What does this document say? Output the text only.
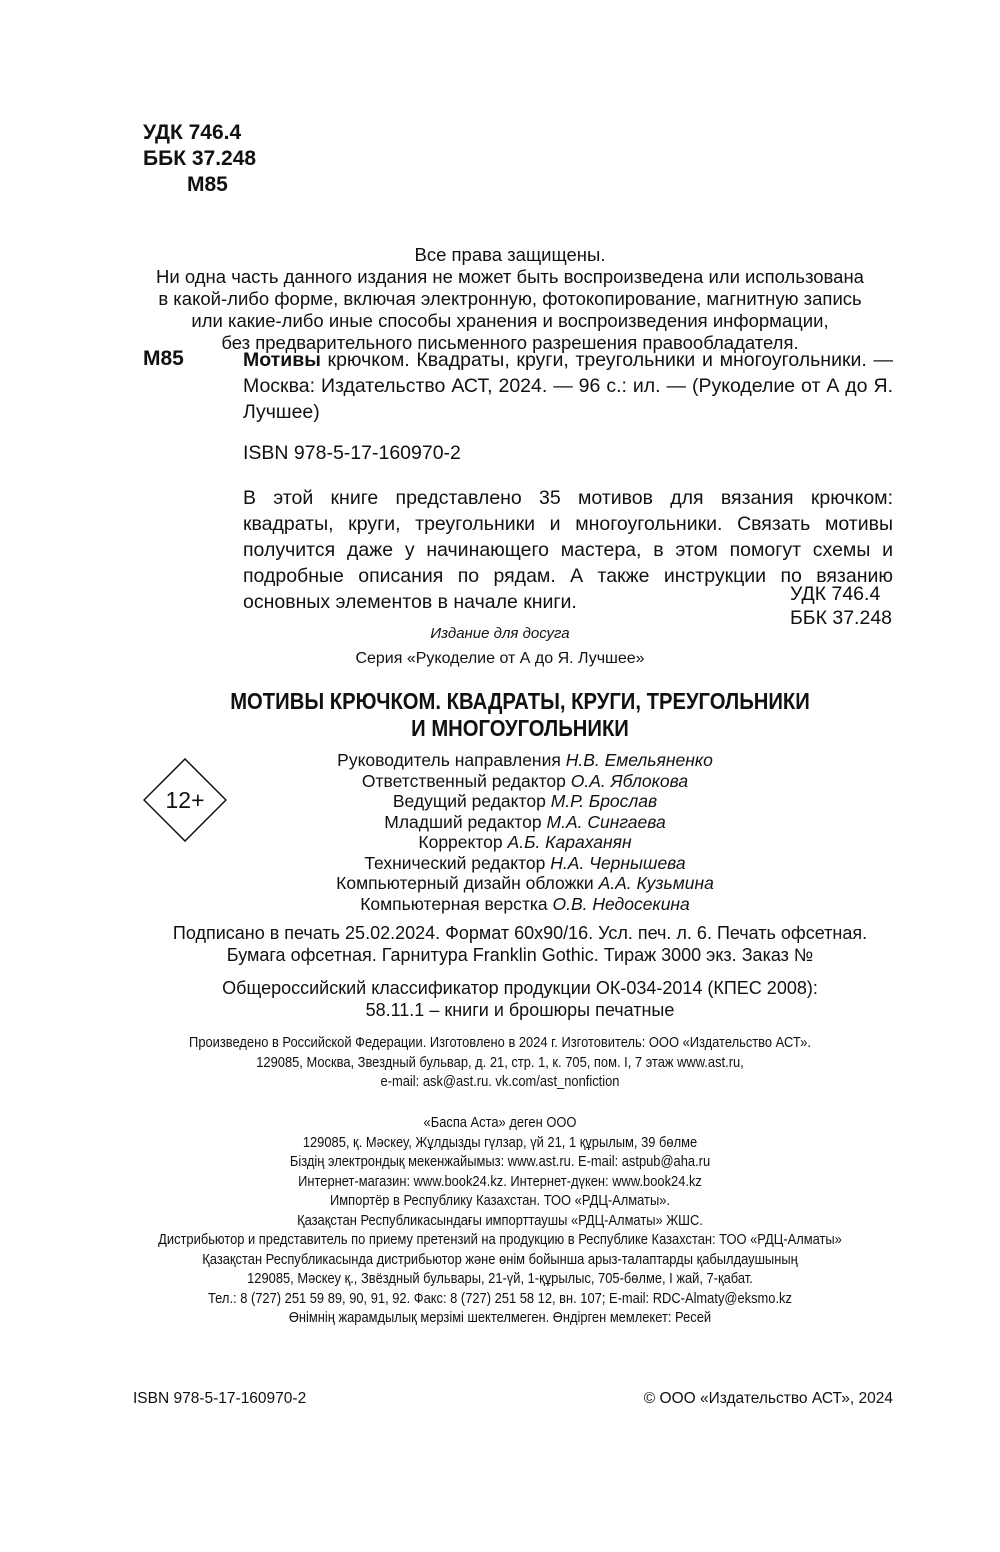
УДК 746.4
ББК 37.248
М85
Все права защищены.
Ни одна часть данного издания не может быть воспроизведена или использована
в какой-либо форме, включая электронную, фотокопирование, магнитную запись
или какие-либо иные способы хранения и воспроизведения информации,
без предварительного письменного разрешения правообладателя.
М85	Мотивы крючком. Квадраты, круги, треугольники и многоугольники. — Москва: Издательство АСТ, 2024. — 96 с.: ил. — (Рукоделие от А до Я. Лучшее)
ISBN 978-5-17-160970-2
В этой книге представлено 35 мотивов для вязания крючком: квадраты, круги, треугольники и многоугольники. Связать мотивы получится даже у начинающего мастера, в этом помогут схемы и подробные описания по рядам. А также инструкции по вязанию основных элементов в начале книги.	УДК 746.4
ББК 37.248
Издание для досуга
Серия «Рукоделие от А до Я. Лучшее»
МОТИВЫ КРЮЧКОМ. КВАДРАТЫ, КРУГИ, ТРЕУГОЛЬНИКИ
И МНОГОУГОЛЬНИКИ
12+
Руководитель направления Н.В. Емельяненко
Ответственный редактор О.А. Яблокова
Ведущий редактор М.Р. Брослав
Младший редактор М.А. Сингаева
Корректор А.Б. Караханян
Технический редактор Н.А. Чернышева
Компьютерный дизайн обложки А.А. Кузьмина
Компьютерная верстка О.В. Недосекина
Подписано в печать 25.02.2024. Формат 60x90/16. Усл. печ. л. 6. Печать офсетная.
Бумага офсетная. Гарнитура Franklin Gothic. Тираж 3000 экз. Заказ №
Общероссийский классификатор продукции ОК-034-2014 (КПЕС 2008):
58.11.1 – книги и брошюры печатные
Произведено в Российской Федерации. Изготовлено в 2024 г. Изготовитель: ООО «Издательство АСТ».
129085, Москва, Звездный бульвар, д. 21, стр. 1, к. 705, пом. I, 7 этаж www.ast.ru,
e-mail: ask@ast.ru. vk.com/ast_nonfiction
«Баспа Аста» деген ООО
129085, қ. Мәскеу, Жұлдызды гүлзар, үй 21, 1 құрылым, 39 бөлме
Біздің электрондық мекенжайымыз: www.ast.ru. E-mail: astpub@aha.ru
Интернет-магазин: www.book24.kz. Интернет-дүкен: www.book24.kz
Импортёр в Республику Казахстан. ТОО «РДЦ-Алматы».
Қазақстан Республикасындағы импорттаушы «РДЦ-Алматы» ЖШС.
Дистрибьютор и представитель по приему претензий на продукцию в Республике Казахстан: ТОО «РДЦ-Алматы»
Қазақстан Республикасында дистрибьютор және өнім бойынша арыз-талаптарды қабылдаушының
129085, Мәскеу қ., Звёздный бульвары, 21-үй, 1-құрылыс, 705-бөлме, I жай, 7-қабат.
Тел.: 8 (727) 251 59 89, 90, 91, 92. Факс: 8 (727) 251 58 12, вн. 107; E-mail: RDC-Almaty@eksmo.kz
Өнімнің жарамдылық мерзімі шектелмеген. Өндірген мемлекет: Ресей
ISBN 978-5-17-160970-2	© ООО «Издательство АСТ», 2024
